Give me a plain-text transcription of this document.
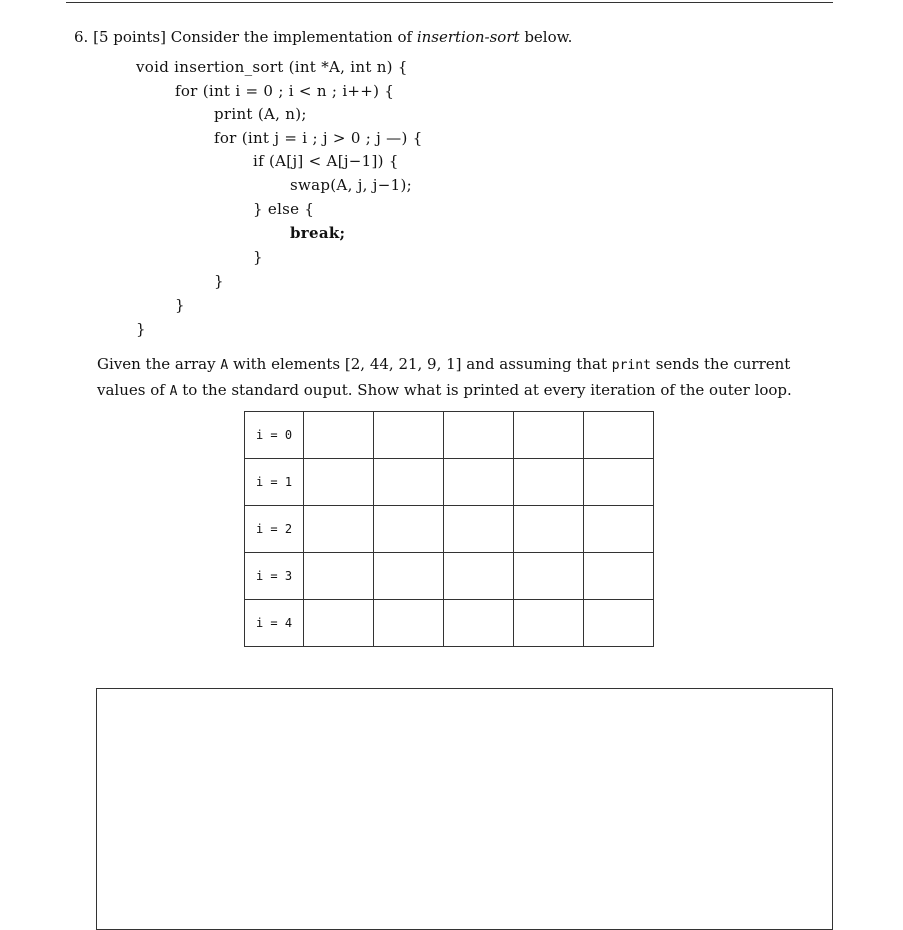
6. [5 points] Consider the implementation of insertion-sort below.
void insertion_sort (int *A, int n) {
for (int i = 0 ; i < n ; i++) {
print (A, n);
for (int j = i ; j > 0 ; j —) {
if (A[j] < A[j−1]) {
swap(A, j, j−1);
} else {
break;
}
}
}
}
Given the array A with elements [2, 44, 21, 9, 1] and assuming that print sends the current values of A to the standard ouput. Show what is printed at every iteration of the outer loop.
i = 0					
i = 1					
i = 2					
i = 3					
i = 4					
